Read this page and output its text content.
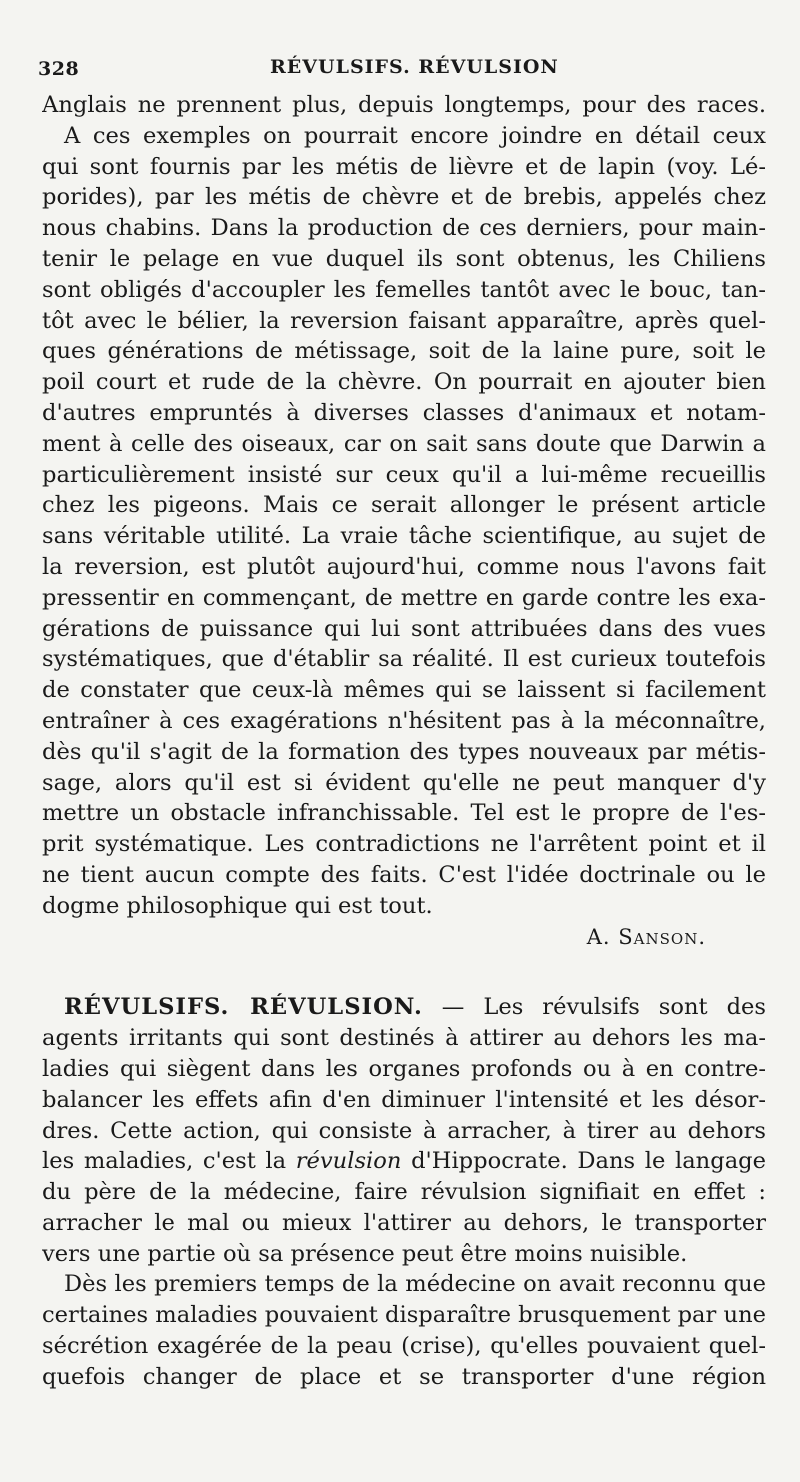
328	RÉVULSIFS. RÉVULSION
Anglais ne prennent plus, depuis longtemps, pour des races.
A ces exemples on pourrait encore joindre en détail ceux
qui sont fournis par les métis de lièvre et de lapin (voy. Lé-
porides), par les métis de chèvre et de brebis, appelés chez
nous chabins. Dans la production de ces derniers, pour main-
tenir le pelage en vue duquel ils sont obtenus, les Chiliens
sont obligés d'accoupler les femelles tantôt avec le bouc, tan-
tôt avec le bélier, la reversion faisant apparaître, après quel-
ques générations de métissage, soit de la laine pure, soit le
poil court et rude de la chèvre. On pourrait en ajouter bien
d'autres empruntés à diverses classes d'animaux et notam-
ment à celle des oiseaux, car on sait sans doute que Darwin a
particulièrement insisté sur ceux qu'il a lui-même recueillis
chez les pigeons. Mais ce serait allonger le présent article
sans véritable utilité. La vraie tâche scientifique, au sujet de
la reversion, est plutôt aujourd'hui, comme nous l'avons fait
pressentir en commençant, de mettre en garde contre les exa-
gérations de puissance qui lui sont attribuées dans des vues
systématiques, que d'établir sa réalité. Il est curieux toutefois
de constater que ceux-là mêmes qui se laissent si facilement
entraîner à ces exagérations n'hésitent pas à la méconnaître,
dès qu'il s'agit de la formation des types nouveaux par métis-
sage, alors qu'il est si évident qu'elle ne peut manquer d'y
mettre un obstacle infranchissable. Tel est le propre de l'es-
prit systématique. Les contradictions ne l'arrêtent point et il
ne tient aucun compte des faits. C'est l'idée doctrinale ou le
dogme philosophique qui est tout.
A. Sanson.
RÉVULSIFS. RÉVULSION. — Les révulsifs sont des
agents irritants qui sont destinés à attirer au dehors les ma-
ladies qui siègent dans les organes profonds ou à en contre-
balancer les effets afin d'en diminuer l'intensité et les désor-
dres. Cette action, qui consiste à arracher, à tirer au dehors
les maladies, c'est la révulsion d'Hippocrate. Dans le langage
du père de la médecine, faire révulsion signifiait en effet :
arracher le mal ou mieux l'attirer au dehors, le transporter
vers une partie où sa présence peut être moins nuisible.
Dès les premiers temps de la médecine on avait reconnu que
certaines maladies pouvaient disparaître brusquement par une
sécrétion exagérée de la peau (crise), qu'elles pouvaient quel-
quefois changer de place et se transporter d'une région
